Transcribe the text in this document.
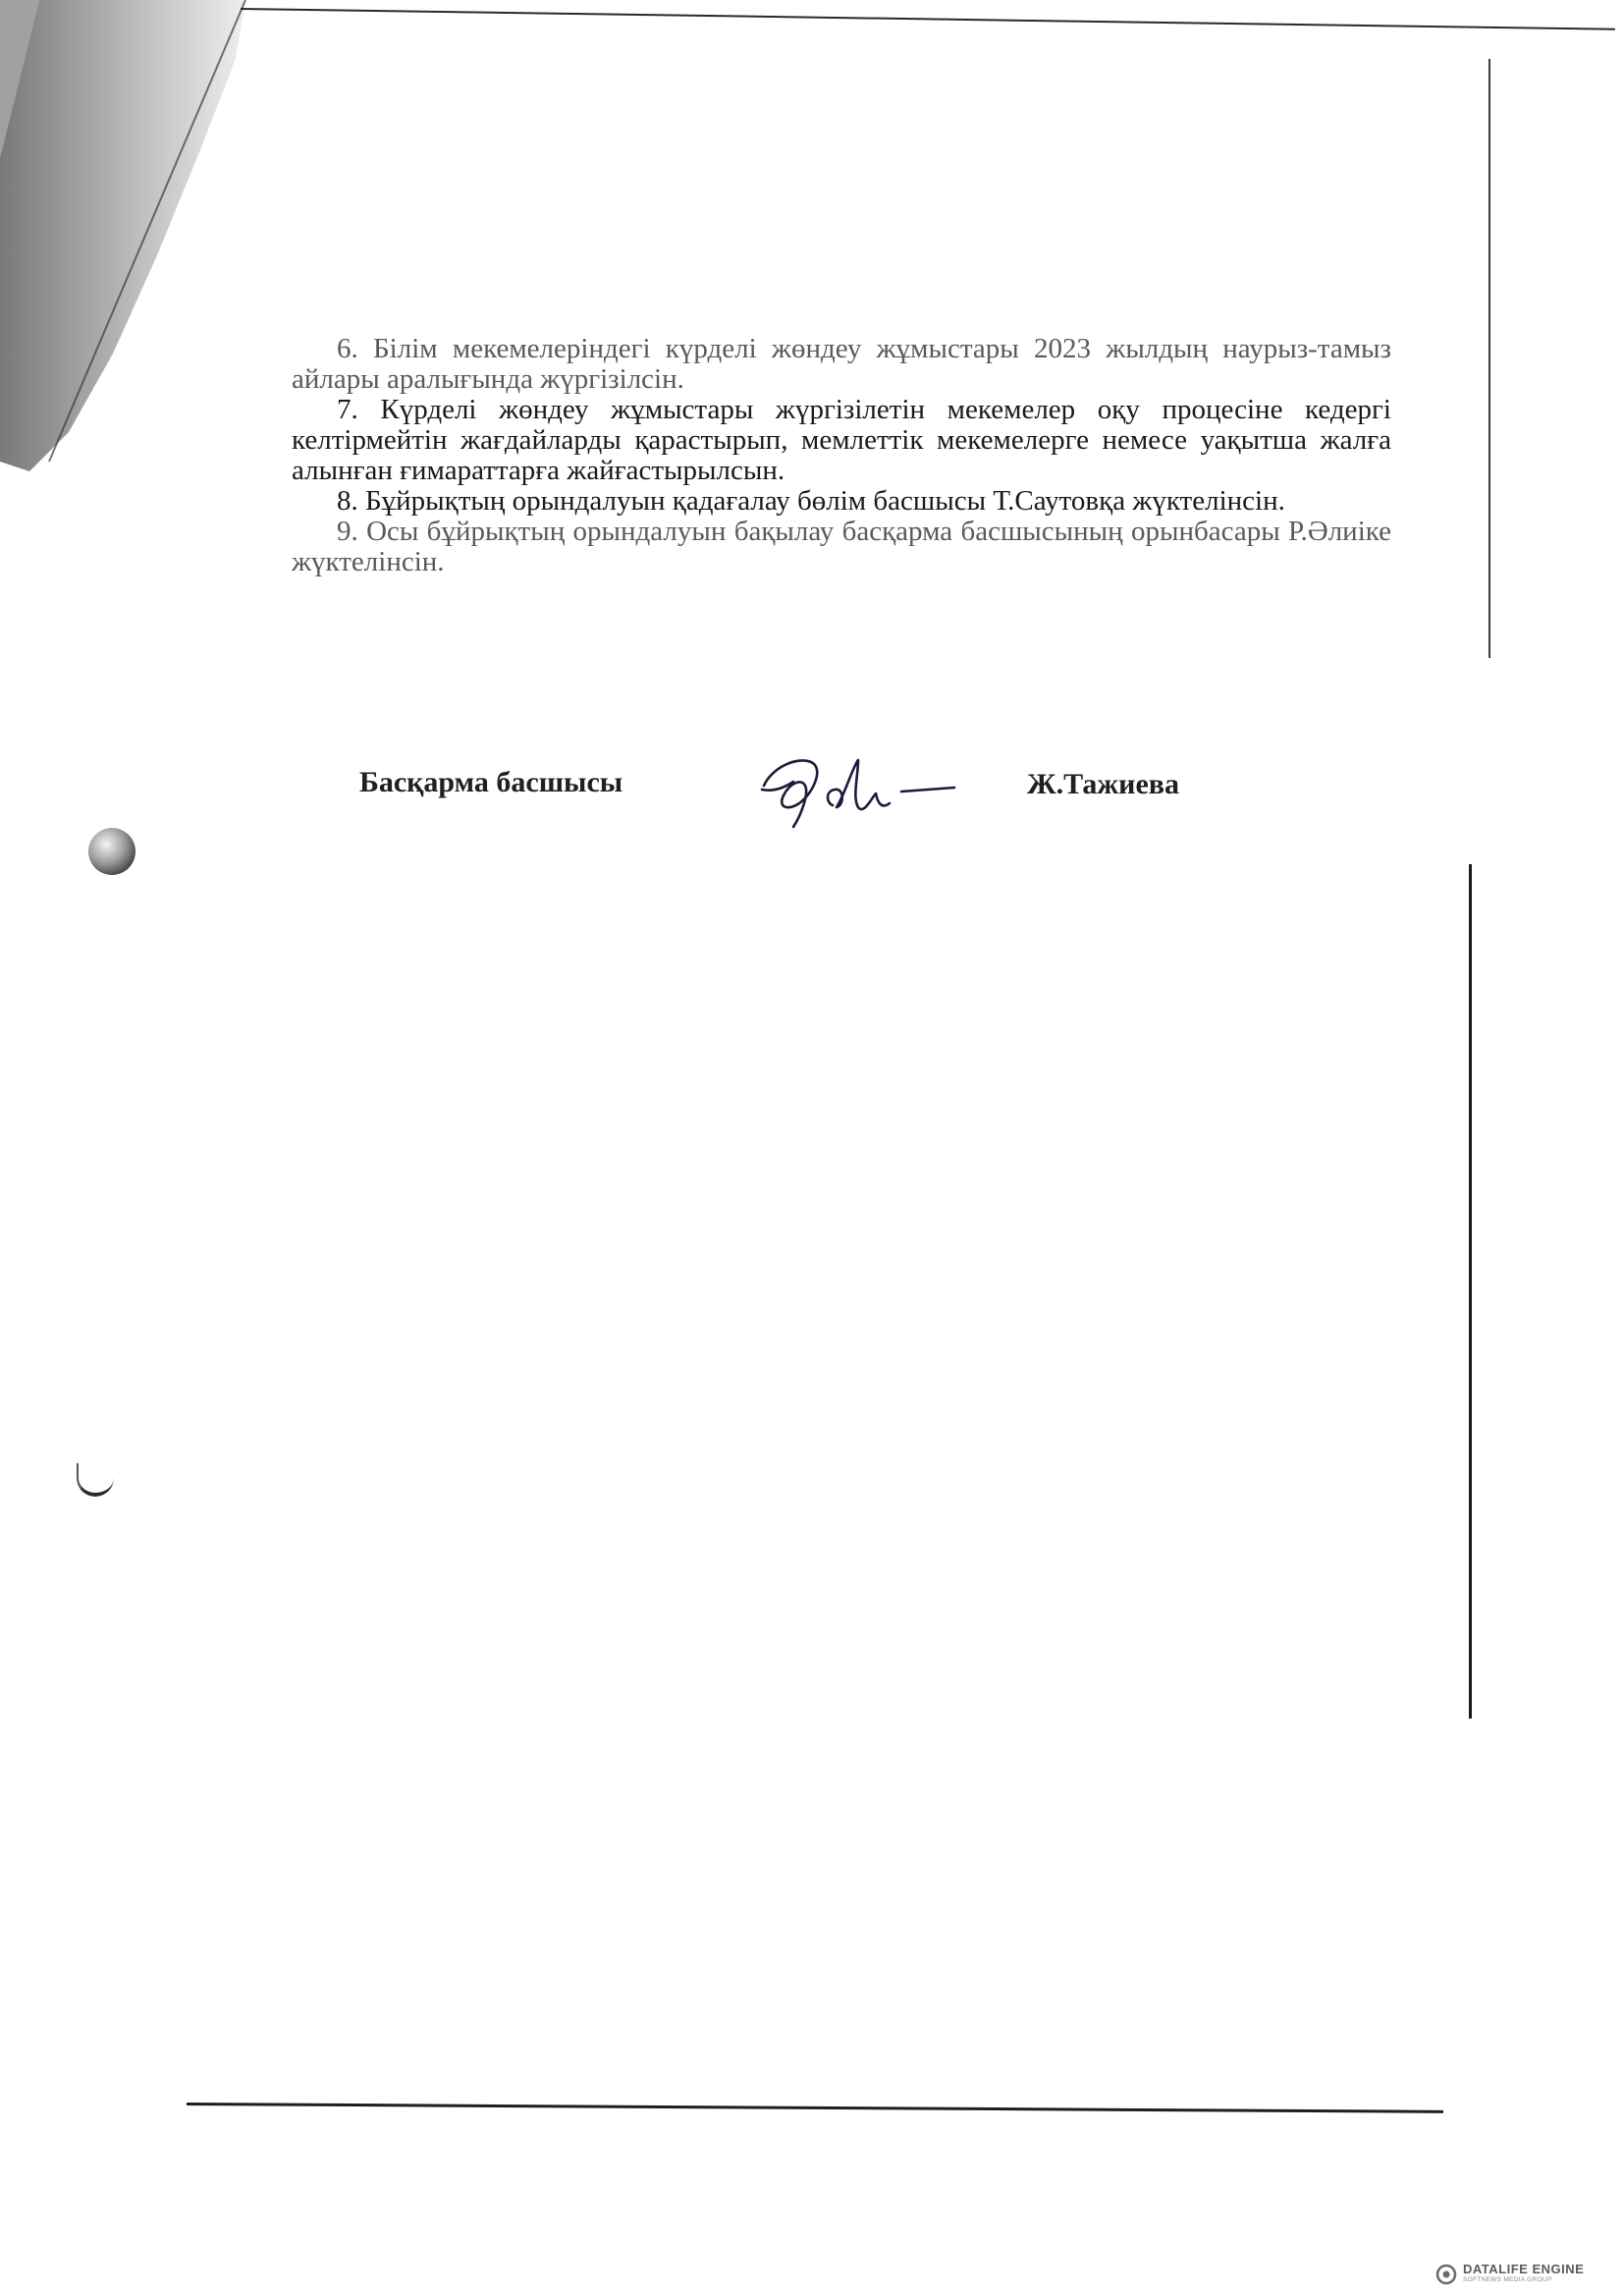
6. Білім мекемелеріндегі күрделі жөндеу жұмыстары 2023 жылдың наурыз-тамыз айлары аралығында жүргізілсін.

7. Күрделі жөндеу жұмыстары жүргізілетін мекемелер оқу процесіне кедергі келтірмейтін жағдайларды қарастырып, мемлеттік мекемелерге немесе уақытша жалға алынған ғимараттарға жайғастырылсын.

8. Бұйрықтың орындалуын қадағалау бөлім басшысы Т.Саутовқа жүктелінсін.

9. Осы бұйрықтың орындалуын бақылау басқарма басшысының орынбасары Р.Әлиіке жүктелінсін.

Басқарма басшысы	Ж.Тажиева
DATALIFE ENGINE
SOFTNEWS MEDIA GROUP
